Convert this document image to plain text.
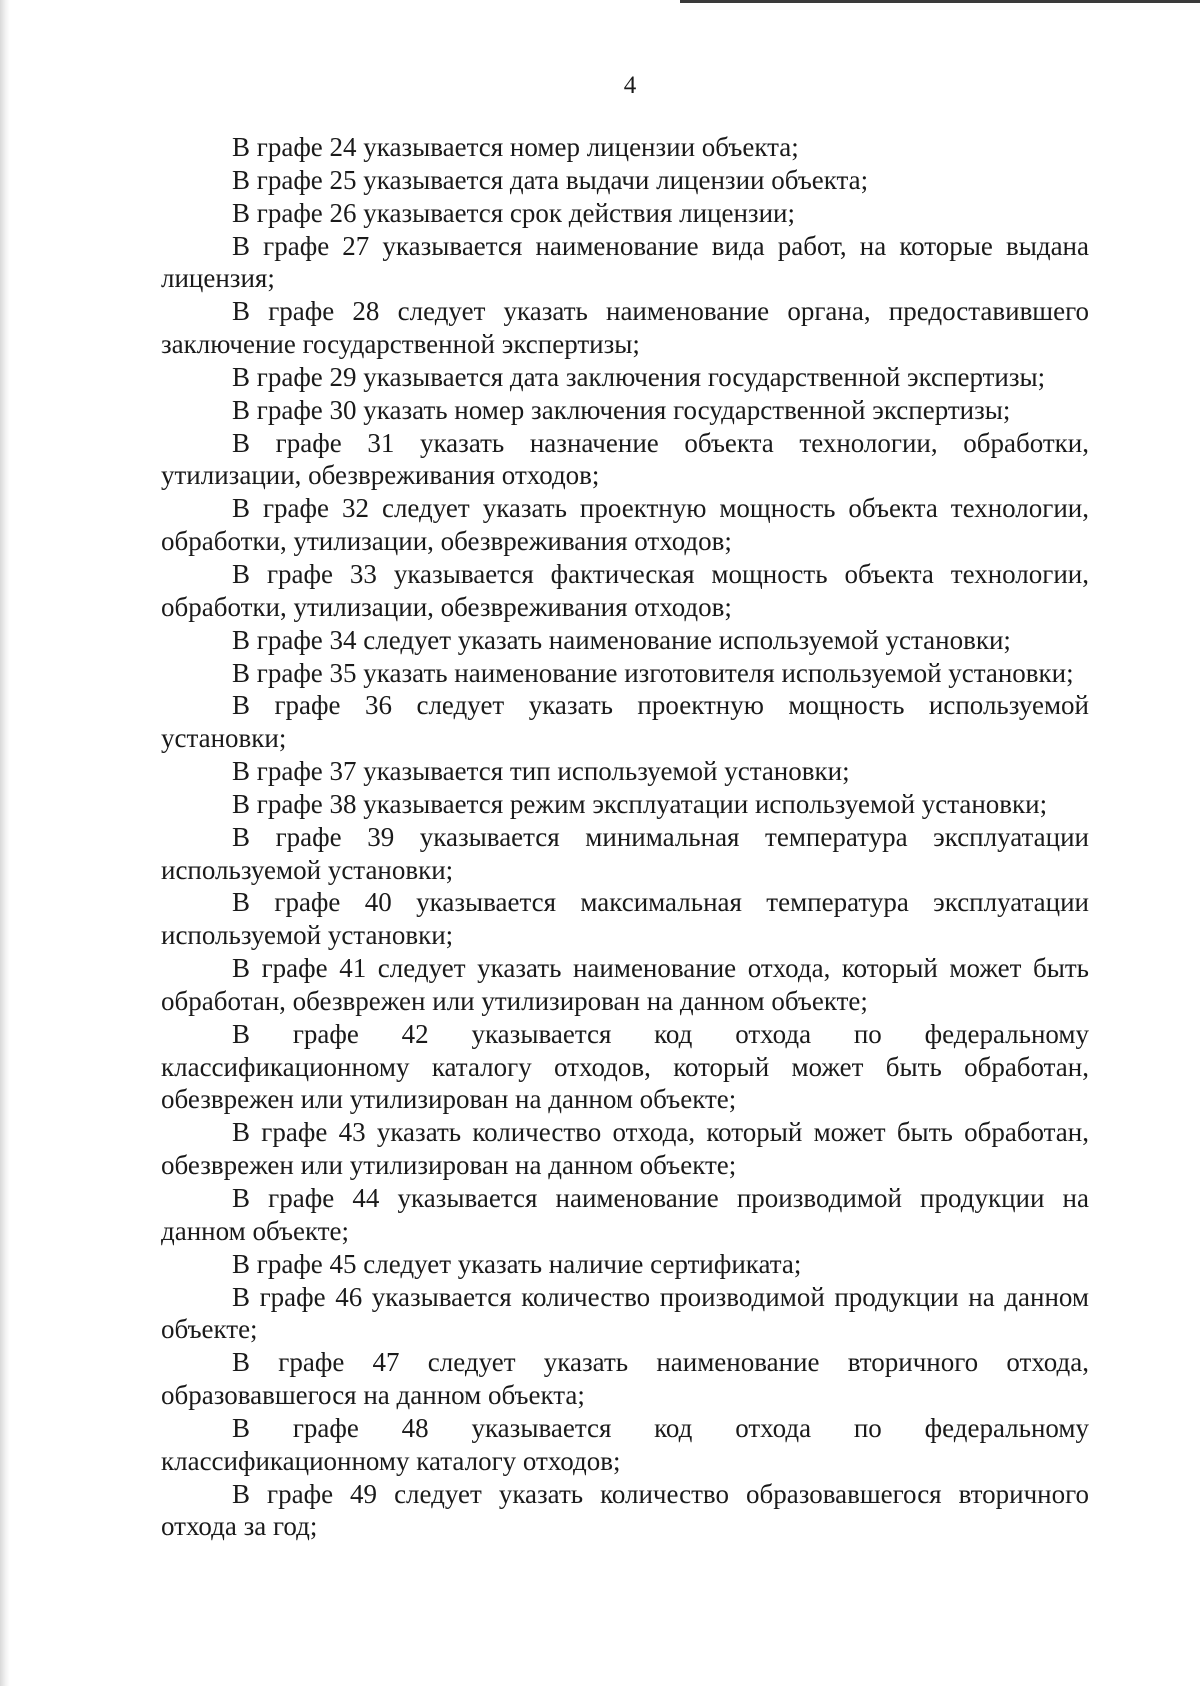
4

В графе 24 указывается номер лицензии объекта;

В графе 25 указывается дата выдачи лицензии объекта;

В графе 26 указывается срок действия лицензии;

В графе 27 указывается наименование вида работ, на которые выдана лицензия;

В графе 28 следует указать наименование органа, предоставившего заключение государственной экспертизы;

В графе 29 указывается дата заключения государственной экспертизы;

В графе 30 указать номер заключения государственной экспертизы;

В графе 31 указать назначение объекта технологии, обработки, утилизации, обезвреживания отходов;

В графе 32 следует указать проектную мощность объекта технологии, обработки, утилизации, обезвреживания отходов;

В графе 33 указывается фактическая мощность объекта технологии, обработки, утилизации, обезвреживания отходов;

В графе 34 следует указать наименование используемой установки;

В графе 35 указать наименование изготовителя используемой установки;

В графе 36 следует указать проектную мощность используемой установки;

В графе 37 указывается тип используемой установки;

В графе 38 указывается режим эксплуатации используемой установки;

В графе 39 указывается минимальная температура эксплуатации используемой установки;

В графе 40 указывается максимальная температура эксплуатации используемой установки;

В графе 41 следует указать наименование отхода, который может быть обработан, обезврежен или утилизирован на данном объекте;

В графе 42 указывается код отхода по федеральному классификационному каталогу отходов, который может быть обработан, обезврежен или утилизирован на данном объекте;

В графе 43 указать количество отхода, который может быть обработан, обезврежен или утилизирован на данном объекте;

В графе 44 указывается наименование производимой продукции на данном объекте;

В графе 45 следует указать наличие сертификата;

В графе 46 указывается количество производимой продукции на данном объекте;

В графе 47 следует указать наименование вторичного отхода, образовавшегося на данном объекта;

В графе 48 указывается код отхода по федеральному классификационному каталогу отходов;

В графе 49 следует указать количество образовавшегося вторичного отхода за год;
